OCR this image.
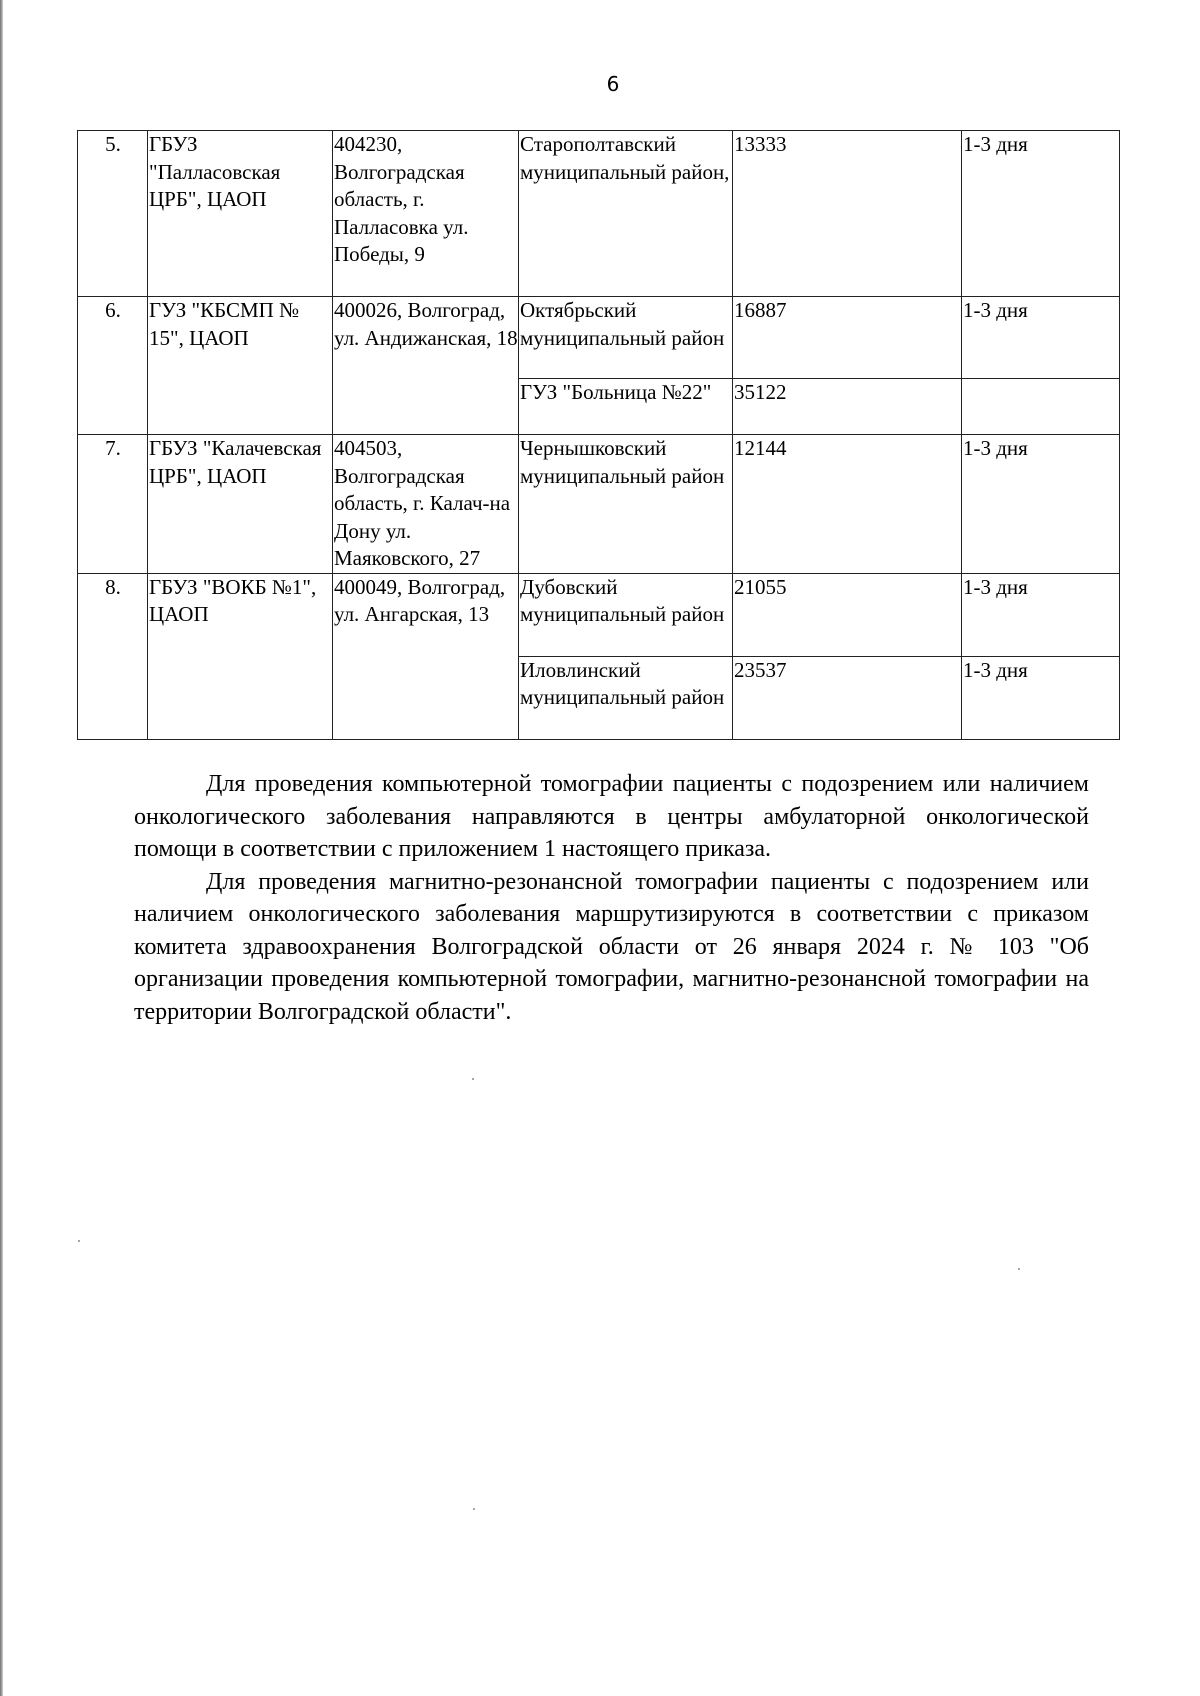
6
5.	ГБУЗ "Палласовская ЦРБ", ЦАОП	404230, Волгоградская область, г. Палласовка ул. Победы, 9	Старополтавский муниципальный район,	13333	1-3 дня
6.	ГУЗ "КБСМП № 15", ЦАОП	400026, Волгоград, ул. Андижанская, 18	Октябрьский муниципальный район	16887	1-3 дня
			ГУЗ "Больница №22"	35122	
7.	ГБУЗ "Калачевская ЦРБ", ЦАОП	404503, Волгоградская область, г. Калач-на Дону ул. Маяковского, 27	Чернышковский муниципальный район	12144	1-3 дня
8.	ГБУЗ "ВОКБ №1", ЦАОП	400049, Волгоград, ул. Ангарская, 13	Дубовский муниципальный район	21055	1-3 дня
			Иловлинский муниципальный район	23537	1-3 дня

Для проведения компьютерной томографии пациенты с подозрением или наличием онкологического заболевания направляются в центры амбулаторной онкологической помощи в соответствии с приложением 1 настоящего приказа.

Для проведения магнитно-резонансной томографии пациенты с подозрением или наличием онкологического заболевания маршрутизируются в соответствии с приказом комитета здравоохранения Волгоградской области от 26 января 2024 г. № 103 "Об организации проведения компьютерной томографии, магнитно-резонансной томографии на территории Волгоградской области".
